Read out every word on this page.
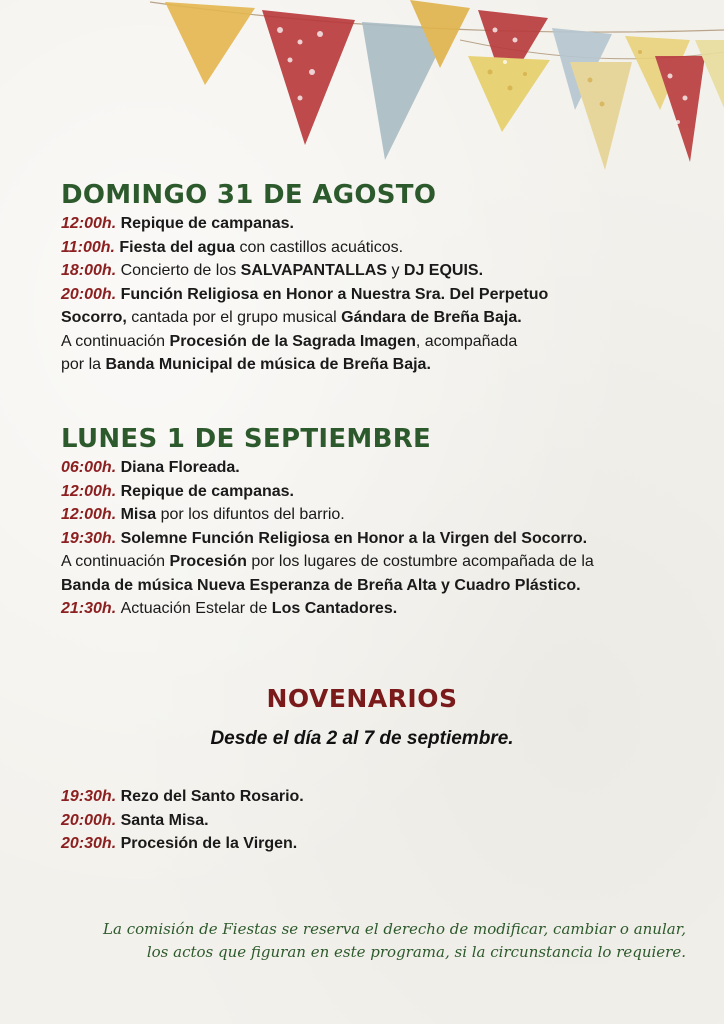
DOMINGO 31 DE AGOSTO
12:00h. Repique de campanas.
11:00h. Fiesta del agua con castillos acuáticos.
18:00h. Concierto de los SALVAPANTALLAS y DJ EQUIS.
20:00h. Función Religiosa en Honor a Nuestra Sra. Del Perpetuo
Socorro, cantada por el grupo musical Gándara de Breña Baja.
A continuación Procesión de la Sagrada Imagen, acompañada
por la Banda Municipal de música de Breña Baja.
LUNES 1 DE SEPTIEMBRE
06:00h. Diana Floreada.
12:00h. Repique de campanas.
12:00h. Misa por los difuntos del barrio.
19:30h. Solemne Función Religiosa en Honor a la Virgen del Socorro.
A continuación Procesión por los lugares de costumbre acompañada de la
Banda de música Nueva Esperanza de Breña Alta y Cuadro Plástico.
21:30h. Actuación Estelar de Los Cantadores.
NOVENARIOS
Desde el día 2 al 7 de septiembre.
19:30h. Rezo del Santo Rosario.
20:00h. Santa Misa.
20:30h. Procesión de la Virgen.
La comisión de Fiestas se reserva el derecho de modificar, cambiar o anular,
los actos que figuran en este programa, si la circunstancia lo requiere.
